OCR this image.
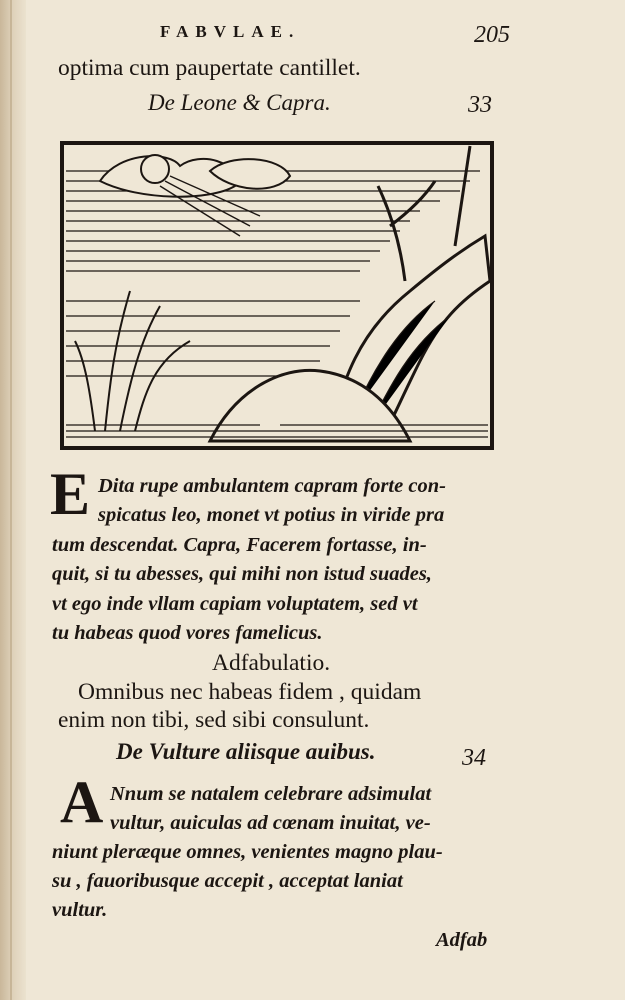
FABVLAE.	205
optima cum paupertate cantillet.
De Leone & Capra.	33
E Dita rupe ambulantem capram forte con-
spicatus leo, monet vt potius in viride pra
tum descendat. Capra, Facerem fortasse, in-
quit, si tu abesses, qui mihi non istud suades,
vt ego inde vllam capiam voluptatem, sed vt
tu habeas quod vores famelicus.
Adfabulatio.
Omnibus nec habeas fidem , quidam
enim non tibi, sed sibi consulunt.
De Vulture aliisque auibus.	34
A Nnum se natalem celebrare adsimulat
vultur, auiculas ad cœnam inuitat, ve-
niunt pleræque omnes, venientes magno plau-
su , fauoribusque accepit , acceptat laniat
vultur.
Adfab
